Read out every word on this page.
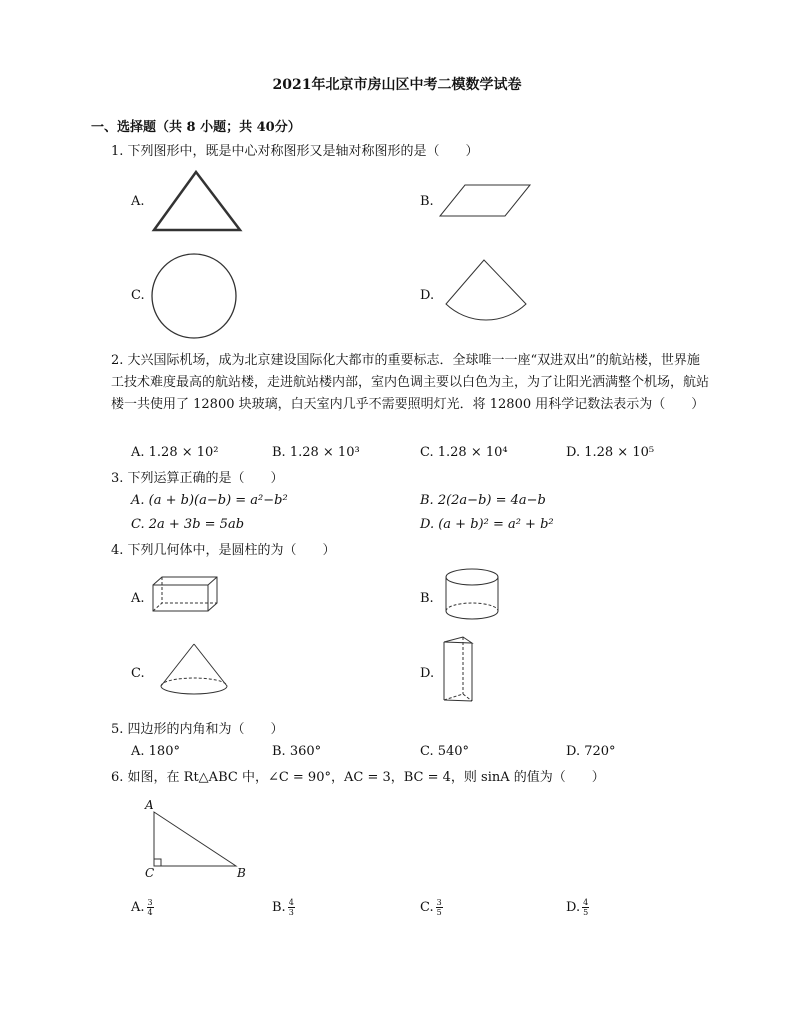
2021年北京市房山区中考二模数学试卷
一、选择题（共 8 小题；共 40分）
1. 下列图形中，既是中心对称图形又是轴对称图形的是（　　）
A.	B.
C.	D.
2. 大兴国际机场，成为北京建设国际化大都市的重要标志．全球唯一一座“双进双出”的航站楼，世界施工技术难度最高的航站楼，走进航站楼内部，室内色调主要以白色为主，为了让阳光洒满整个机场，航站楼一共使用了 12800 块玻璃，白天室内几乎不需要照明灯光．将 12800 用科学记数法表示为（　　）
A. 1.28 × 10²	B. 1.28 × 10³	C. 1.28 × 10⁴	D. 1.28 × 10⁵
3. 下列运算正确的是（　　）
A. (a + b)(a−b) = a²−b²	B. 2(2a−b) = 4a−b
C. 2a + 3b = 5ab	D. (a + b)² = a² + b²
4. 下列几何体中，是圆柱的为（　　）
A.	B.
C.	D.
5. 四边形的内角和为（　　）
A. 180°	B. 360°	C. 540°	D. 720°
6. 如图，在 Rt△ABC 中，∠C = 90°，AC = 3，BC = 4，则 sinA 的值为（　　）
A
C	B
A. $\frac{3}{4}$	B. $\frac{4}{3}$	C. $\frac{3}{5}$	D. $\frac{4}{5}$
